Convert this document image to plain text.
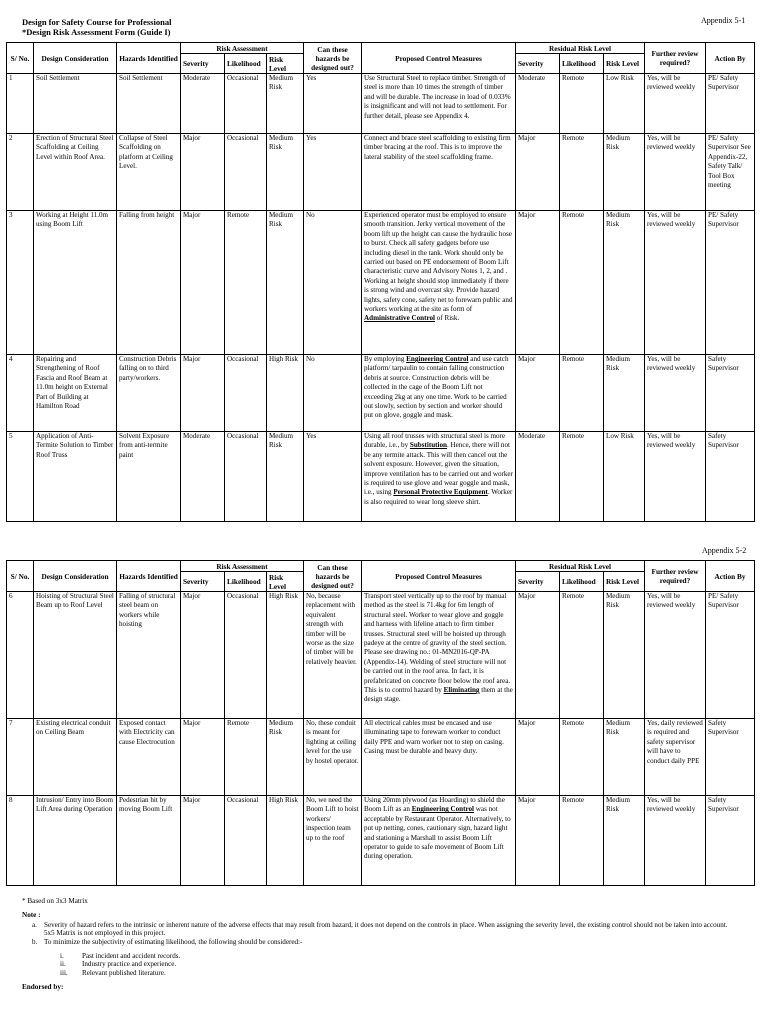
Design for Safety Course for Professional
*Design Risk Assessment Form (Guide I)
Appendix 5-1
S/ No.	Design Consideration	Hazards Identified	Risk Assessment			Can these hazards be designed out?	Proposed Control Measures	Residual Risk Level			Further review required?	Action By
			Severity	Likelihood	Risk Level			Severity	Likelihood	Risk Level		
1	Soil Settlement	Soil Settlement	Moderate	Occasional	Medium Risk	Yes	Use Structural Steel to replace timber. Strength of steel is more than 10 times the strength of timber and will be durable. The increase in load of 0.033% is insignificant and will not lead to settlement. For further detail, please see Appendix 4.	Moderate	Remote	Low Risk	Yes, will be reviewed weekly	PE/ Safety Supervisor
2	Erection of Structural Steel Scaffolding at Ceiling Level within Roof Area.	Collapse of Steel Scaffolding on platform at Ceiling Level.	Major	Occasional	Medium Risk	Yes	Connect and brace steel scaffolding to existing firm timber bracing at the roof. This is to improve the lateral stability of the steel scaffolding frame.	Major	Remote	Medium Risk	Yes, will be reviewed weekly	PE/ Safety Supervisor See Appendix-22, Safety Talk/ Tool Box meeting
3	Working at Height 11.0m using Boom Lift	Falling from height	Major	Remote	Medium Risk	No	Experienced operator must be employed to ensure smooth transition. Jerky vertical movement of the boom lift up the height can cause the hydraulic hose to burst. Check all safety gadgets before use including diesel in the tank. Work should only be carried out based on PE endorsement of Boom Lift characteristic curve and Advisory Notes 1, 2, and . Working at height should stop immediately if there is strong wind and overcast sky. Provide hazard lights, safety cone, safety net to forewarn public and workers working at the site as form of Administrative Control of Risk.	Major	Remote	Medium Risk	Yes, will be reviewed weekly	PE/ Safety Supervisor
4	Repairing and Strengthening of Roof Fascia and Roof Beam at 11.0m height on External Part of Building at Hamilton Road	Construction Debris falling on to third party/workers.	Major	Occasional	High Risk	No	By employing Engineering Control and use catch platform/ tarpaulin to contain falling construction debris at source. Construction debris will be collected in the cage of the Boom Lift not exceeding 2kg at any one time. Work to be carried out slowly, section by section and worker should put on glove, goggle and mask.	Major	Remote	Medium Risk	Yes, will be reviewed weekly	Safety Supervisor
5	Application of Anti-Termite Solution to Timber Roof Truss	Solvent Exposure from anti-termite paint	Moderate	Occasional	Medium Risk	Yes	Using all roof trusses with structural steel is more durable, i.e., by Substitution. Hence, there will not be any termite attack. This will then cancel out the solvent exposure. However, given the situation, improve ventilation has to be carried out and worker is required to use glove and wear goggle and mask, i.e., using Personal Protective Equipment. Worker is also required to wear long sleeve shirt.	Moderate	Remote	Low Risk	Yes, will be reviewed weekly	Safety Supervisor
Appendix 5-2
S/ No.	Design Consideration	Hazards Identified	Risk Assessment			Can these hazards be designed out?	Proposed Control Measures	Residual Risk Level			Further review required?	Action By
			Severity	Likelihood	Risk Level			Severity	Likelihood	Risk Level		
6	Hoisting of Structural Steel Beam up to Roof Level	Falling of structural steel beam on workers while hoisting	Major	Occasional	High Risk	No, because replacement with equivalent strength with timber will be worse as the size of timber will be relatively heavier.	Transport steel vertically up to the roof by manual method as the steel is 71.4kg for 6m length of structural steel. Worker to wear glove and goggle and harness with lifeline attach to firm timber trusses. Structural steel will be hoisted up through padeye at the centre of gravity of the steel section. Please see drawing no.: 01-MN2016-QP-PA (Appendix-14). Welding of steel structure will not be carried out in the roof area. In fact, it is prefabricated on concrete floor below the roof area. This is to control hazard by Eliminating them at the design stage.	Major	Remote	Medium Risk	Yes, will be reviewed weekly	PE/ Safety Supervisor
7	Existing electrical conduit on Ceiling Beam	Exposed contact with Electricity can cause Electrocution	Major	Remote	Medium Risk	No, these conduit is meant for lighting at ceiling level for the use by hostel operator.	All electrical cables must be encased and use illuminating tape to forewarn worker to conduct daily PPE and warn worker not to step on casing. Casing must be durable and heavy duty.	Major	Remote	Medium Risk	Yes, daily reviewed is required and safety supervisor will have to conduct daily PPE	Safety Supervisor
8	Intrusion/ Entry into Boom Lift Area during Operation	Pedestrian hit by moving Boom Lift	Major	Occasional	High Risk	No, we need the Boom Lift to hoist workers/ inspection team up to the roof	Using 20mm plywood (as Hoarding) to shield the Boom Lift as an Engineering Control was not acceptable by Restaurant Operator. Alternatively, to put up netting, cones, cautionary sign, hazard light and stationing a Marshall to assist Boom Lift operator to guide to safe movement of Boom Lift during operation.	Major	Remote	Medium Risk	Yes, will be reviewed weekly	Safety Supervisor
* Based on 3x3 Matrix
Note :
a. Severity of hazard refers to the intrinsic or inherent nature of the adverse effects that may result from hazard, it does not depend on the controls in place. When assigning the severity level, the existing control should not be taken into account. 5x5 Matrix is not employed in this project.
b. To minimize the subjectivity of estimating likelihood, the following should be considered:-
i.	Past incident and accident records.
ii.	Industry practice and experience.
iii.	Relevant published literature.
Endorsed by:
